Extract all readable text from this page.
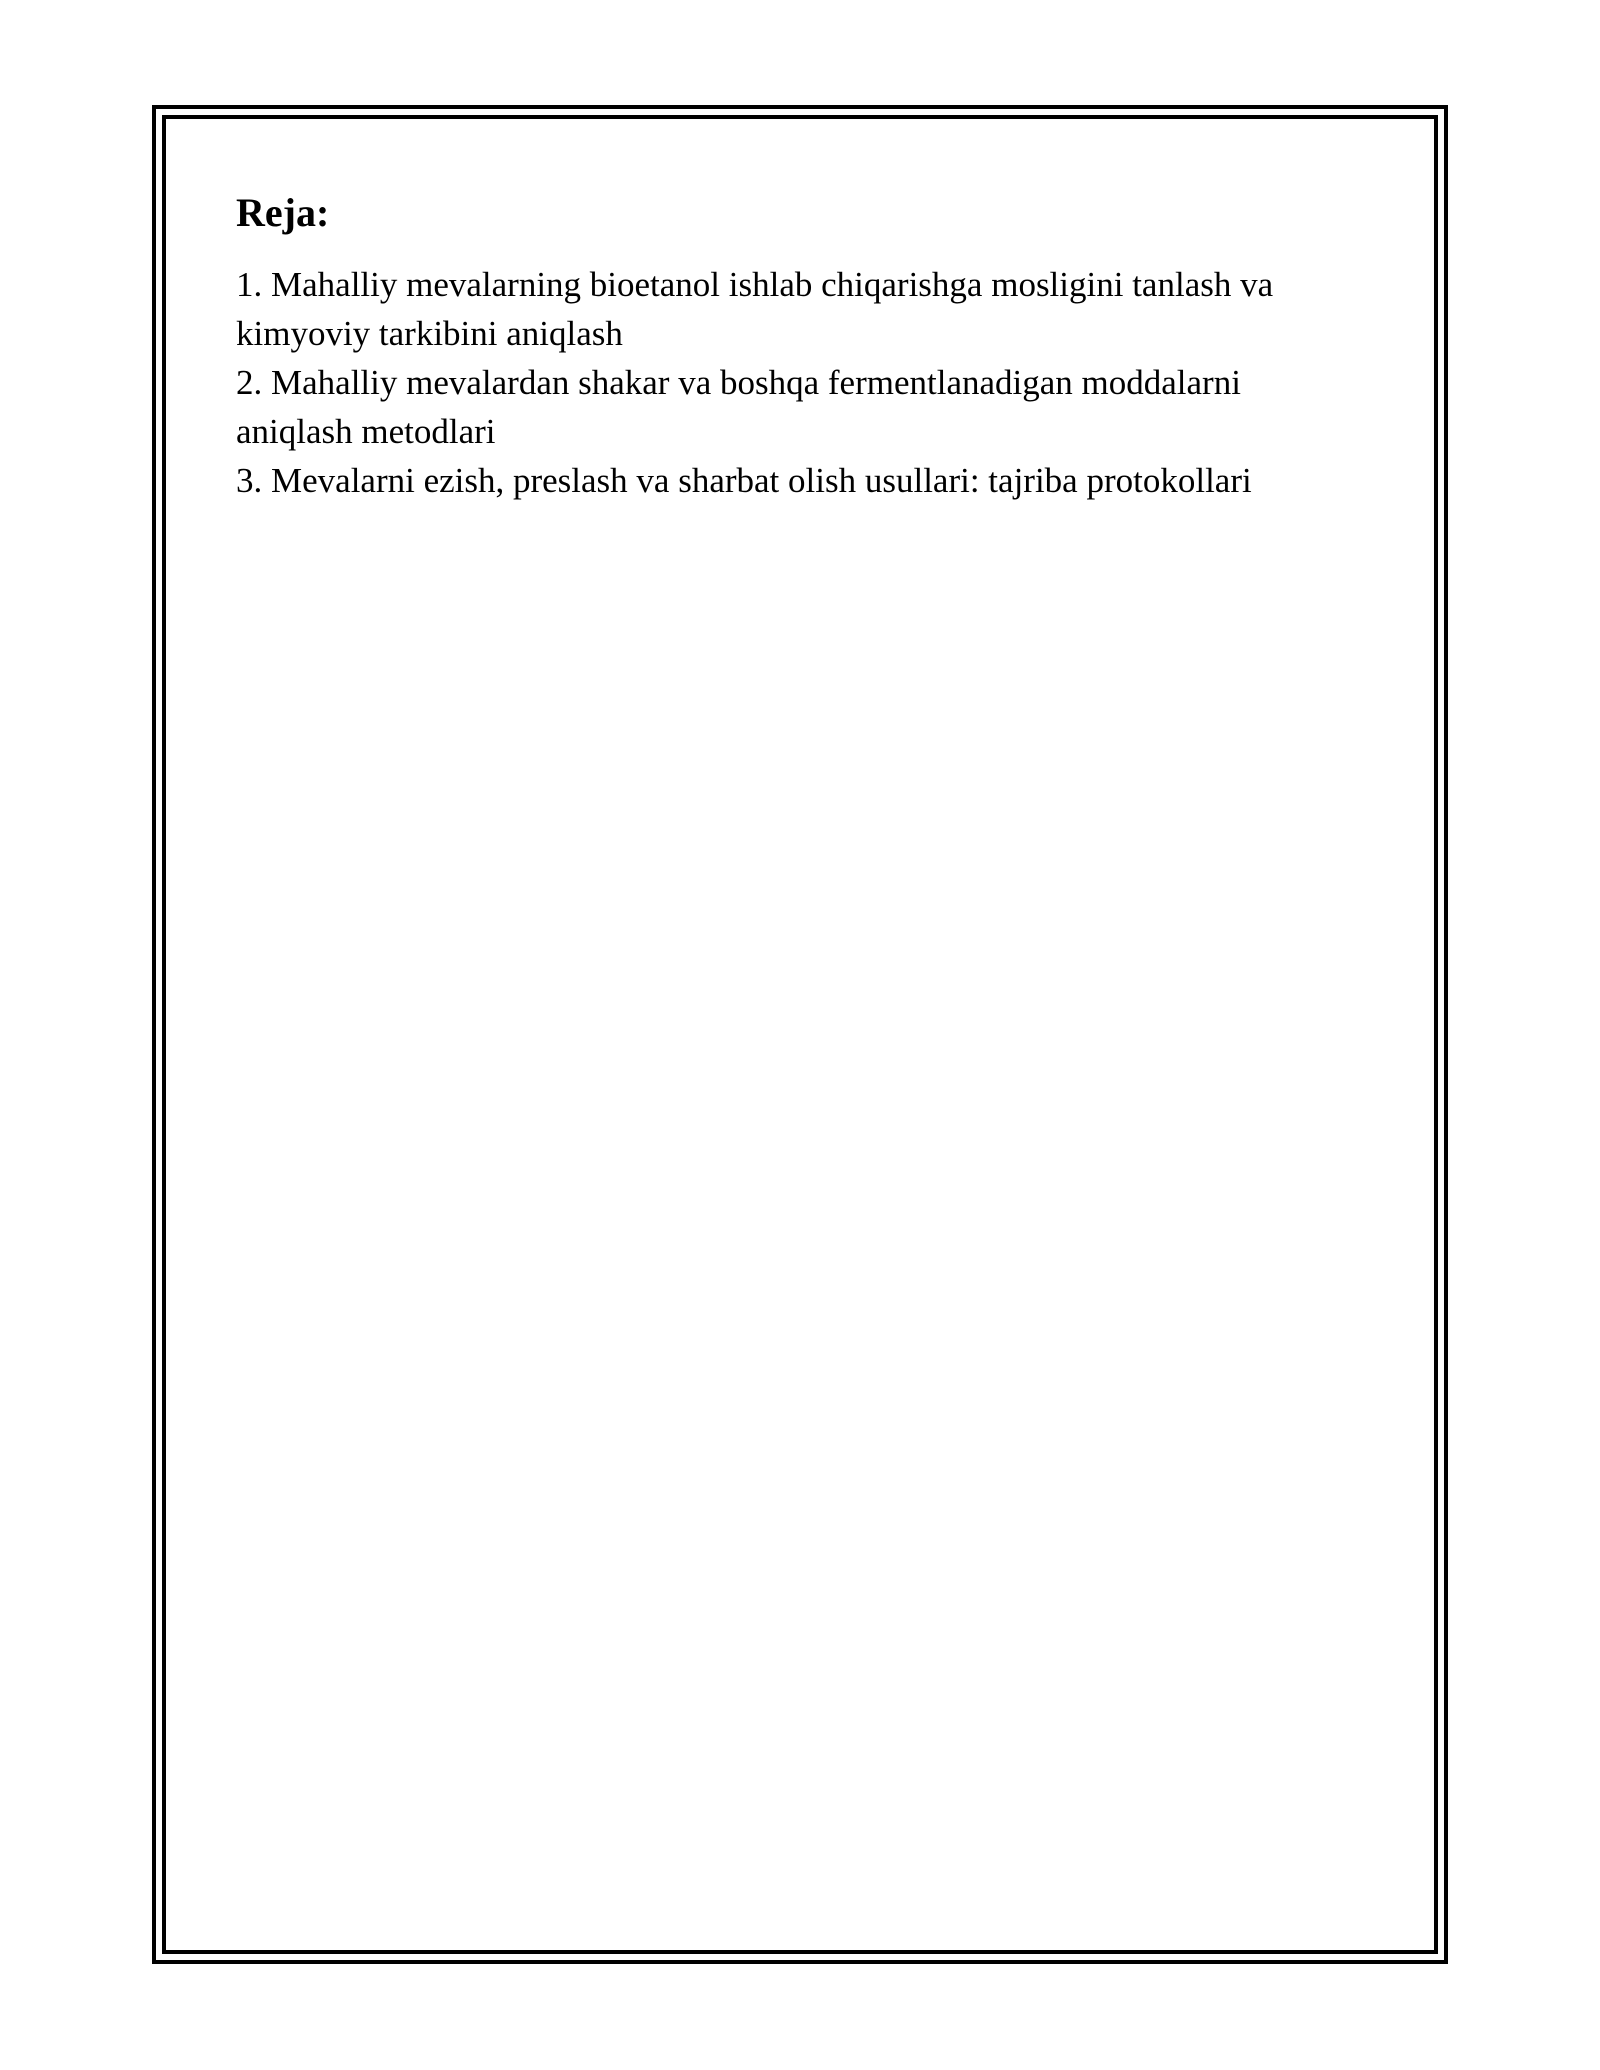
Reja:
1. Mahalliy mevalarning bioetanol ishlab chiqarishga mosligini tanlash va kimyoviy tarkibini aniqlash
2. Mahalliy mevalardan shakar va boshqa fermentlanadigan moddalarni aniqlash metodlari
3. Mevalarni ezish, preslash va sharbat olish usullari: tajriba protokollari
